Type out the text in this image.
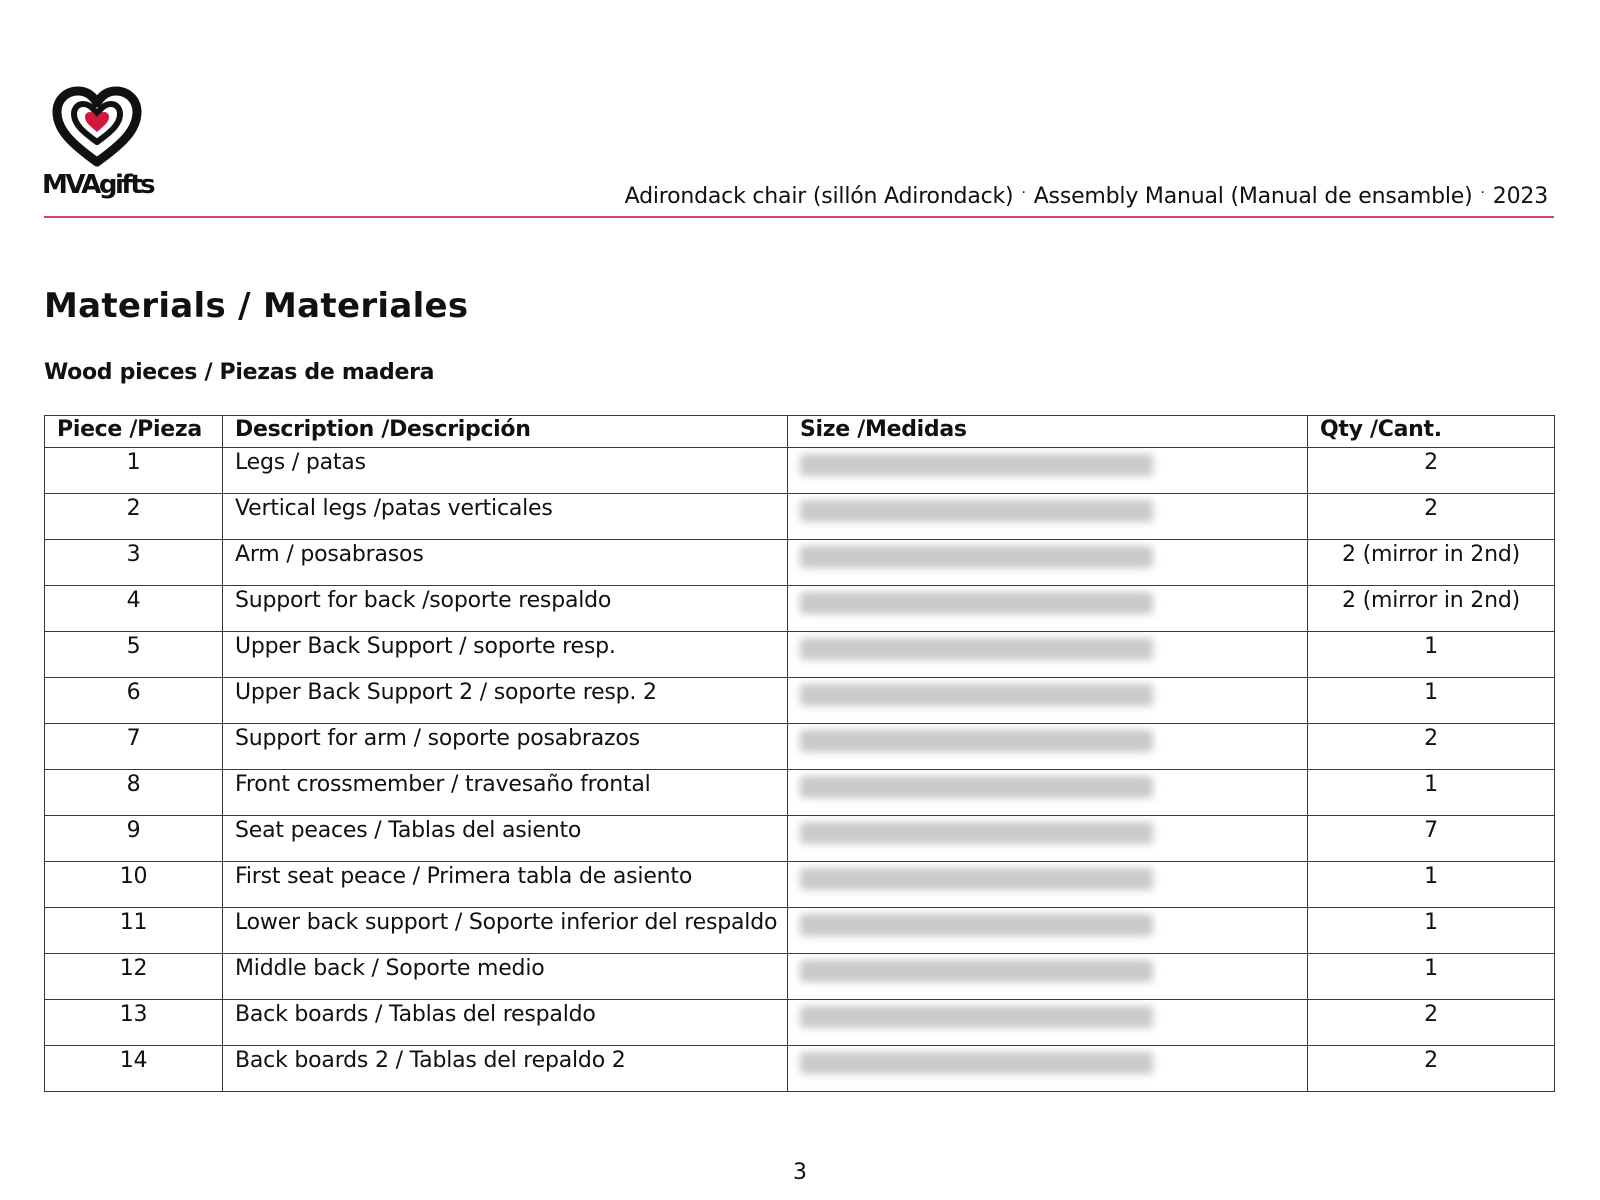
MVAgifts	Adirondack chair (sillón Adirondack) · Assembly Manual (Manual de ensamble) · 2023
Materials / Materiales
Wood pieces / Piezas de madera
Piece /Pieza	Description /Descripción	Size /Medidas	Qty /Cant.
1	Legs / patas		2
2	Vertical legs /patas verticales		2
3	Arm / posabrasos		2 (mirror in 2nd)
4	Support for back /soporte respaldo		2 (mirror in 2nd)
5	Upper Back Support / soporte resp.		1
6	Upper Back Support 2 / soporte resp. 2		1
7	Support for arm / soporte posabrazos		2
8	Front crossmember / travesaño frontal		1
9	Seat peaces / Tablas del asiento		7
10	First seat peace / Primera tabla de asiento		1
11	Lower back support / Soporte inferior del respaldo		1
12	Middle back / Soporte medio		1
13	Back boards / Tablas del respaldo		2
14	Back boards 2 / Tablas del repaldo 2		2
3
